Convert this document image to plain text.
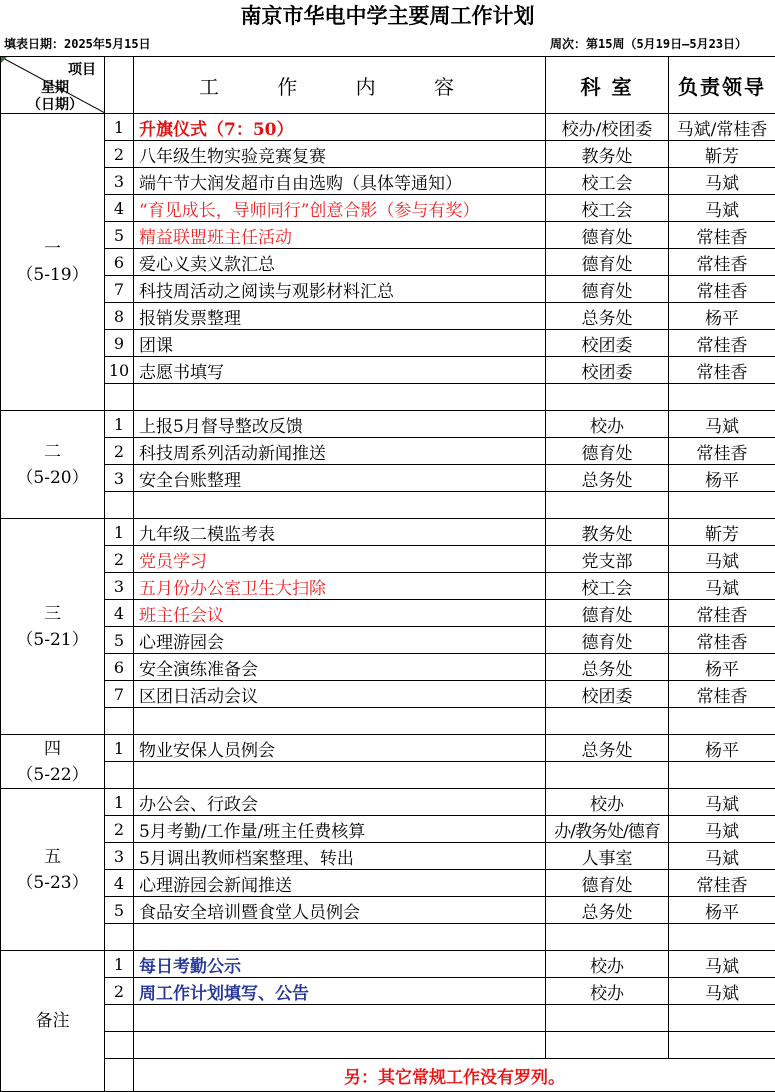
南京市华电中学主要周工作计划
填表日期：2025年5月15日	周次：第15周（5月19日—5月23日）
项目
星期
（日期）		工 作 内 容	科 室	负责领导

一
（5-19）	1	升旗仪式（7：50）	校办/校团委	马斌/常桂香
	2	八年级生物实验竞赛复赛	教务处	靳芳
	3	端午节大润发超市自由选购（具体等通知）	校工会	马斌
	4	“育见成长，导师同行”创意合影（参与有奖）	校工会	马斌
	5	精益联盟班主任活动	德育处	常桂香
	6	爱心义卖义款汇总	德育处	常桂香
	7	科技周活动之阅读与观影材料汇总	德育处	常桂香
	8	报销发票整理	总务处	杨平
	9	团课	校团委	常桂香
	10	志愿书填写	校团委	常桂香

二
（5-20）	1	上报5月督导整改反馈	校办	马斌
	2	科技周系列活动新闻推送	德育处	常桂香
	3	安全台账整理	总务处	杨平

三
（5-21）	1	九年级二模监考表	教务处	靳芳
	2	党员学习	党支部	马斌
	3	五月份办公室卫生大扫除	校工会	马斌
	4	班主任会议	德育处	常桂香
	5	心理游园会	德育处	常桂香
	6	安全演练准备会	总务处	杨平
	7	区团日活动会议	校团委	常桂香

四
（5-22）	1	物业安保人员例会	总务处	杨平

五
（5-23）	1	办公会、行政会	校办	马斌
	2	5月考勤/工作量/班主任费核算	办/教务处/德育	马斌
	3	5月调出教师档案整理、转出	人事室	马斌
	4	心理游园会新闻推送	德育处	常桂香
	5	食品安全培训暨食堂人员例会	总务处	杨平

备注	1	每日考勤公示	校办	马斌
	2	周工作计划填写、公告	校办	马斌

		另：其它常规工作没有罗列。		
